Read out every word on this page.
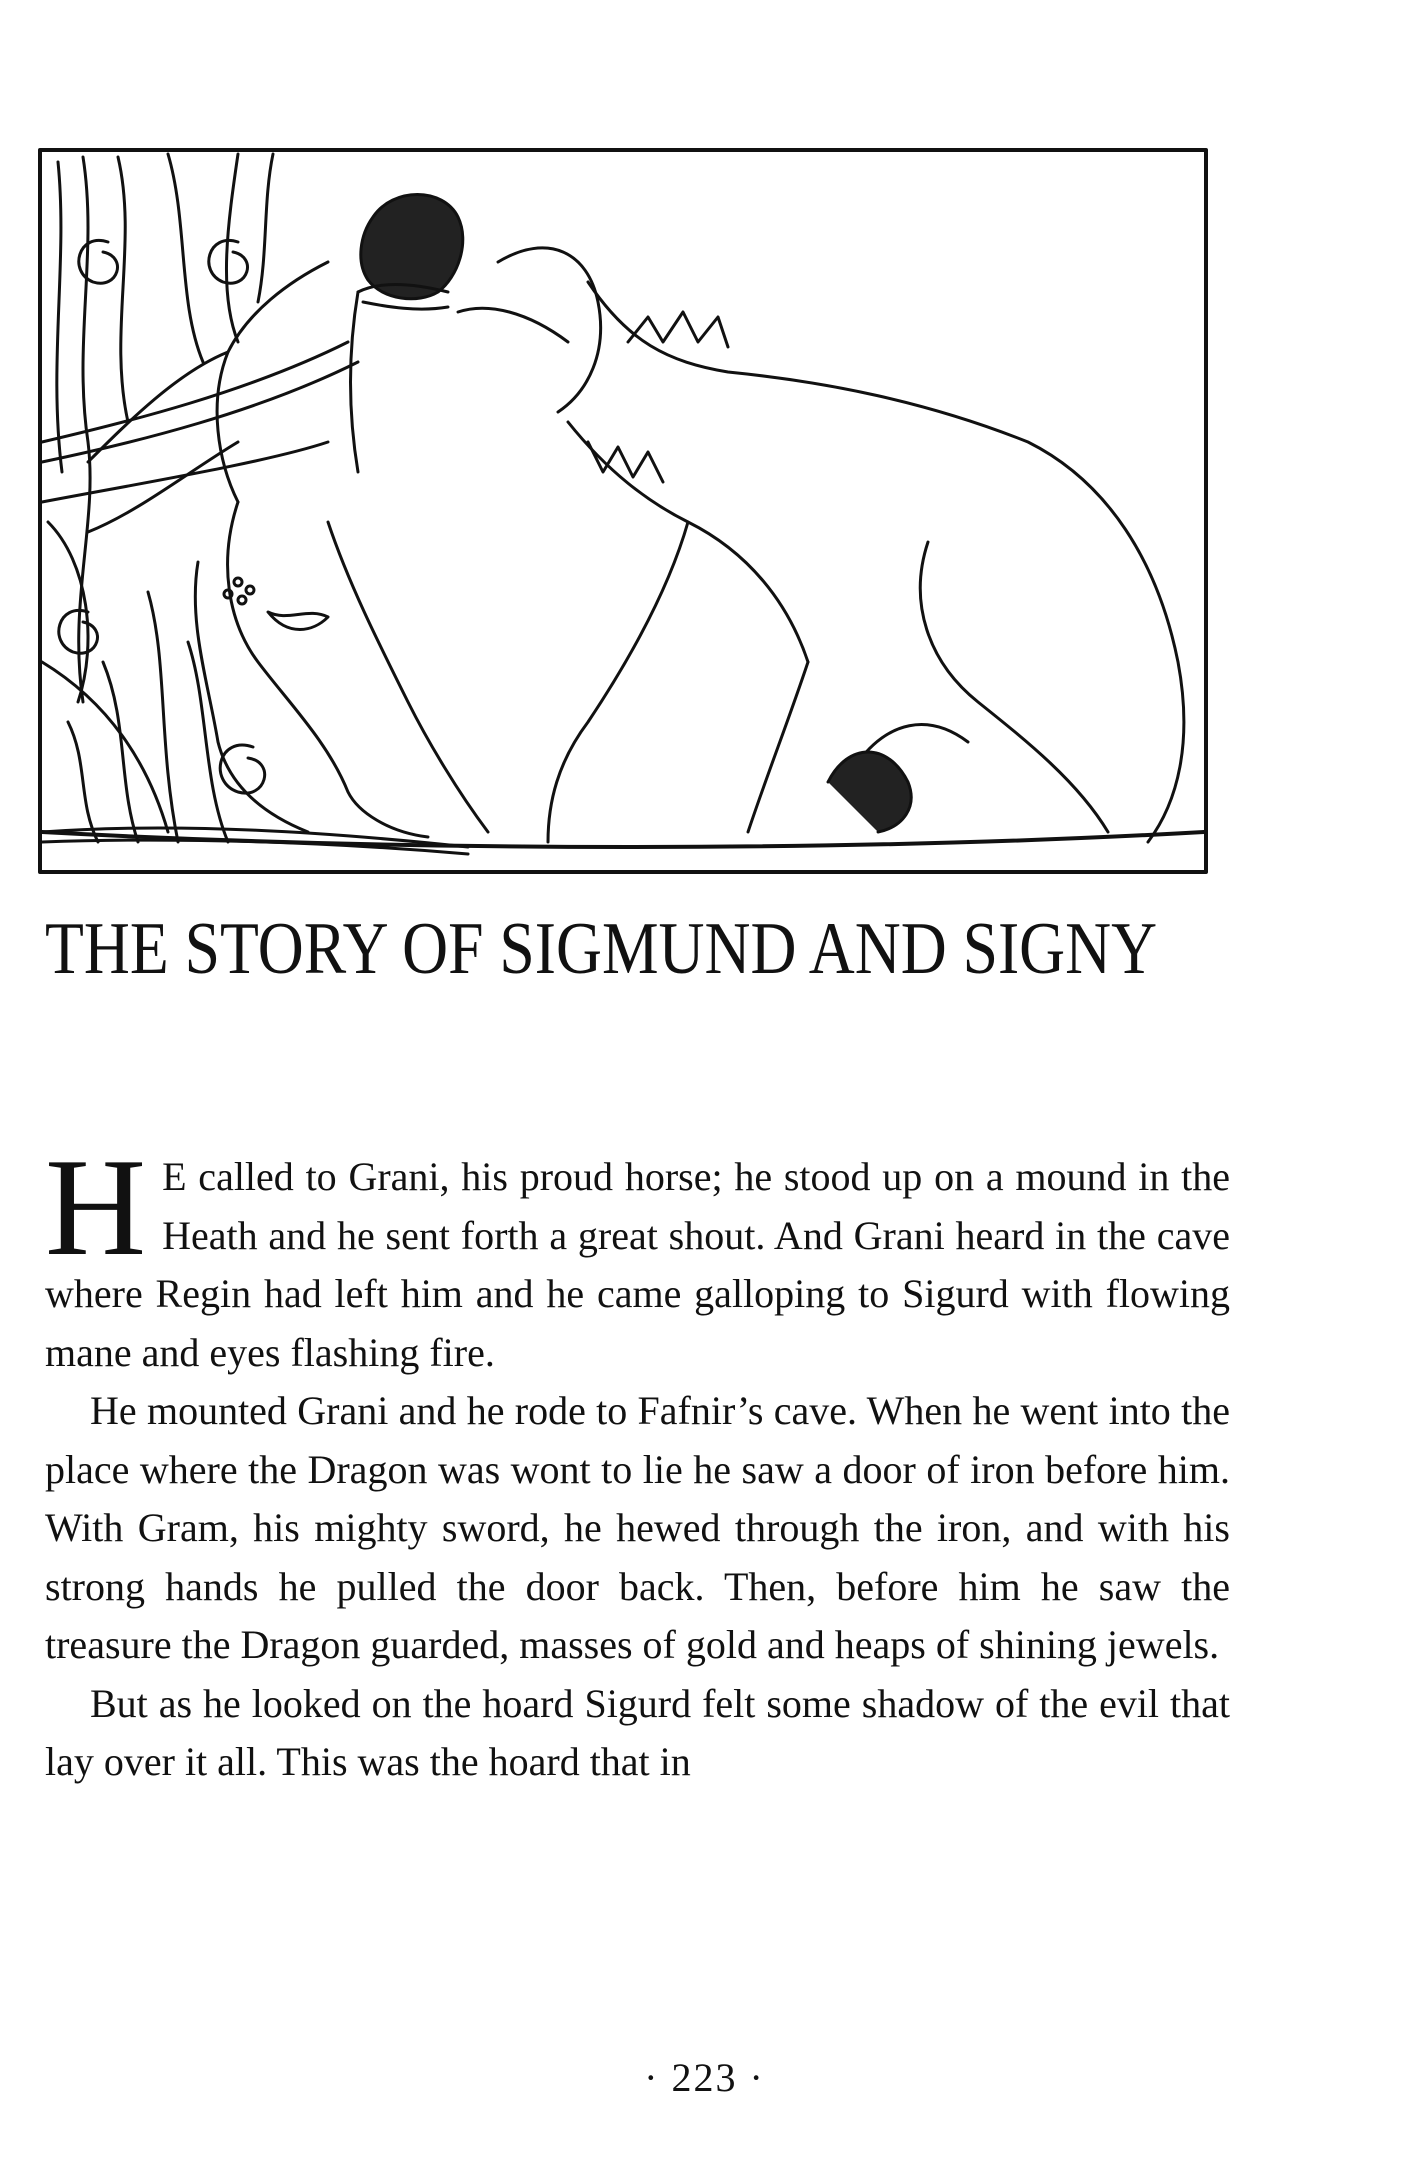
THE STORY OF SIGMUND AND SIGNY

H E called to Grani, his proud horse; he stood up on a mound in the Heath and he sent forth a great shout. And Grani heard in the cave where Regin had left him and he came galloping to Sigurd with flowing mane and eyes flashing fire.

He mounted Grani and he rode to Fafnir’s cave. When he went into the place where the Dragon was wont to lie he saw a door of iron before him. With Gram, his mighty sword, he hewed through the iron, and with his strong hands he pulled the door back. Then, before him he saw the treasure the Dragon guarded, masses of gold and heaps of shining jewels.

But as he looked on the hoard Sigurd felt some shadow of the evil that lay over it all. This was the hoard that in

· 223 ·
